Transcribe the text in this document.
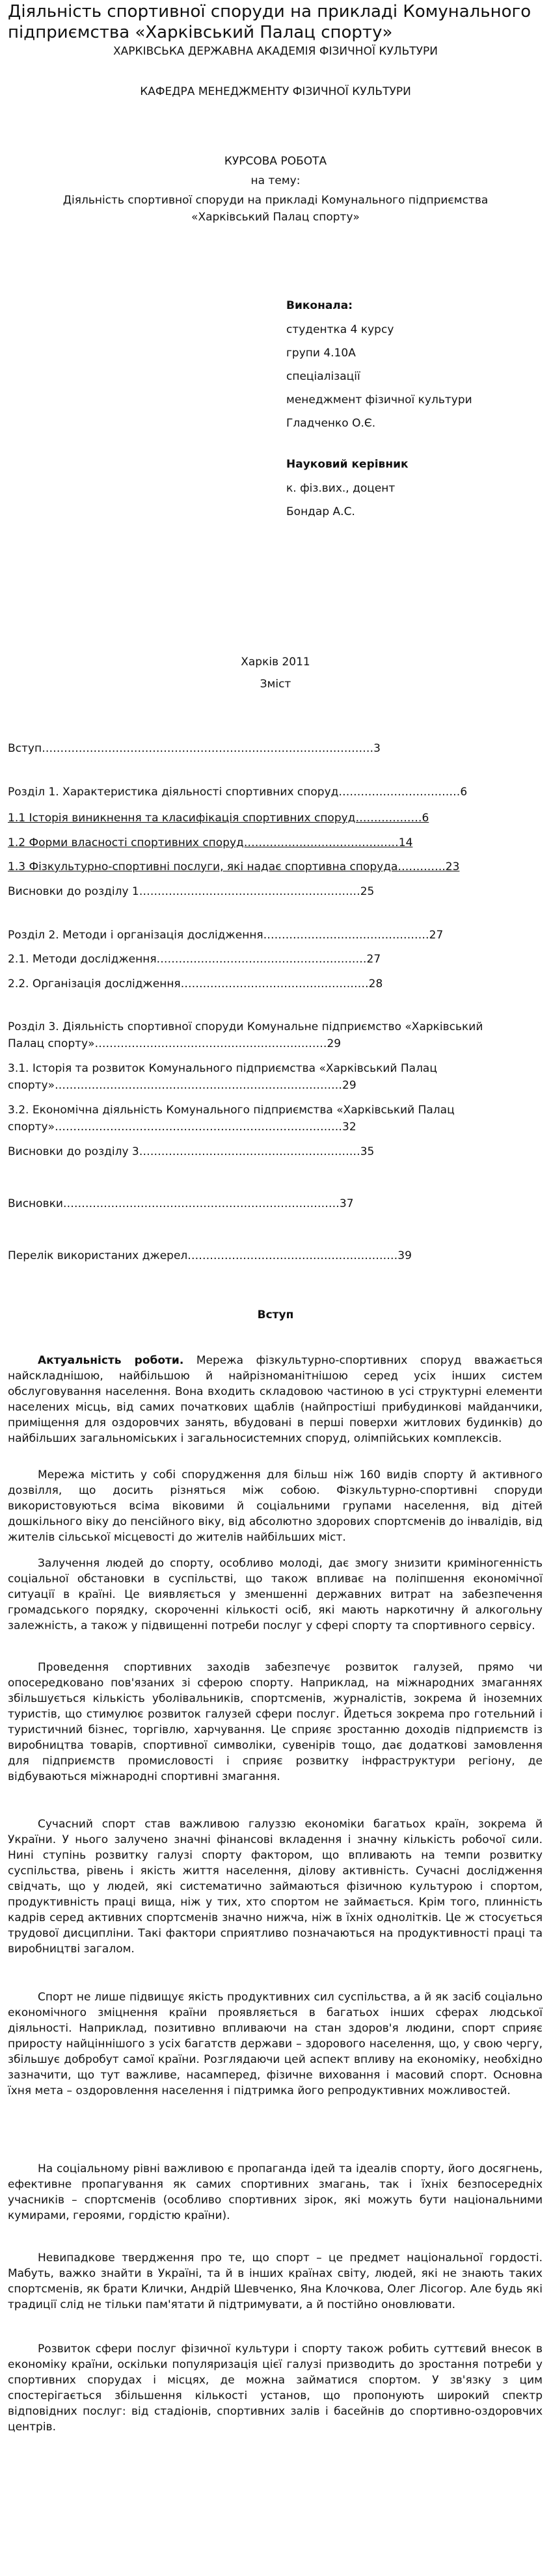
Діяльність спортивної споруди на прикладі Комунального підприємства «Харківський Палац спорту»
ХАРКІВСЬКА ДЕРЖАВНА АКАДЕМІЯ ФІЗИЧНОЇ КУЛЬТУРИ
КАФЕДРА МЕНЕДЖМЕНТУ ФІЗИЧНОЇ КУЛЬТУРИ
КУРСОВА РОБОТА
на тему:
Діяльність спортивної споруди на прикладі Комунального підприємства
«Харківський Палац спорту»
Виконала:
студентка 4 курсу
групи 4.10А
спеціалізації
менеджмент фізичної культури
Гладченко О.Є.
Науковий керівник
к. фіз.вих., доцент
Бондар А.С.
Харків 2011
Зміст
Вступ………………………………………………………………………………3
Розділ 1. Характеристика діяльності спортивних споруд……………………………6
1.1 Історія виникнення та класифікація спортивних споруд………………6
1.2 Форми власності спортивних споруд……………………………………14
1.3 Фізкультурно-спортивні послуги, які надає спортивна споруда………….23
Висновки до розділу 1……………………………………………………25
Розділ 2. Методи і організація дослідження………………………………………27
2.1. Методи дослідження…………………………………………………27
2.2. Організація дослідження……………………………………………28
Розділ 3. Діяльність спортивної споруди Комунальне підприємство «Харківський
Палац спорту»………………………………………………………29
3.1. Історія та розвиток Комунального підприємства «Харківський Палац
спорту»……………………………………………………………………29
3.2. Економічна діяльність Комунального підприємства «Харківський Палац
спорту»……………………………………………………………………32
Висновки до розділу 3……………………………………………………35
Висновки…………………………………………………………………37
Перелік використаних джерел…………………………………………………39
Вступ
Актуальність роботи. Мережа фізкультурно-спортивних споруд вважається найскладнішою, найбільшою й найрізноманітнішою серед усіх інших систем обслуговування населення. Вона входить складовою частиною в усі структурні елементи населених місць, від самих початкових щаблів (найпростіші прибудинкові майданчики, приміщення для оздоровчих занять, вбудовані в перші поверхи житлових будинків) до найбільших загальноміських і загальносистемних споруд, олімпійських комплексів.
Мережа містить у собі спорудження для більш ніж 160 видів спорту й активного дозвілля, що досить різняться між собою. Фізкультурно-спортивні споруди використовуються всіма віковими й соціальними групами населення, від дітей дошкільного віку до пенсійного віку, від абсолютно здорових спортсменів до інвалідів, від жителів сільської місцевості до жителів найбільших міст.
Залучення людей до спорту, особливо молоді, дає змогу знизити криміногенність соціальної обстановки в суспільстві, що також впливає на поліпшення економічної ситуації в країні. Це виявляється у зменшенні державних витрат на забезпечення громадського порядку, скороченні кількості осіб, які мають наркотичну й алкогольну залежність, а також у підвищенні потреби послуг у сфері спорту та спортивного сервісу.
Проведення спортивних заходів забезпечує розвиток галузей, прямо чи опосередковано пов'язаних зі сферою спорту. Наприклад, на міжнародних змаганнях збільшується кількість уболівальників, спортсменів, журналістів, зокрема й іноземних туристів, що стимулює розвиток галузей сфери послуг. Йдеться зокрема про готельний і туристичний бізнес, торгівлю, харчування. Це сприяє зростанню доходів підприємств із виробництва товарів, спортивної символіки, сувенірів тощо, дає додаткові замовлення для підприємств промисловості і сприяє розвитку інфраструктури регіону, де відбуваються міжнародні спортивні змагання.
Сучасний спорт став важливою галуззю економіки багатьох країн, зокрема й України. У нього залучено значні фінансові вкладення і значну кількість робочої сили. Нині ступінь розвитку галузі спорту фактором, що впливають на темпи розвитку суспільства, рівень і якість життя населення, ділову активність. Сучасні дослідження свідчать, що у людей, які систематично займаються фізичною культурою і спортом, продуктивність праці вища, ніж у тих, хто спортом не займається. Крім того, плинність кадрів серед активних спортсменів значно нижча, ніж в їхніх одноліткiв. Це ж стосується трудової дисципліни. Такі фактори сприятливо позначаються на продуктивності праці та виробництві загалом.
Спорт не лише підвищує якість продуктивних сил суспільства, а й як засіб соціально економічного змiцнення країни проявляється в багатьох інших сферах людської діяльності. Наприклад, позитивно впливаючи на стан здоров'я людини, спорт сприяє приросту найцiннiшого з усіх багатств держави – здорового населення, що, у свою чергу, збільшує добробут самої країни. Розглядаючи цей аспект впливу на економіку, необхідно зазначити, що тут важливе, насамперед, фізичне виховання і масовий спорт. Основна їхня мета – оздоровлення населення і підтримка його репродуктивних можливостей.
На соціальному рівні важливою є пропаганда ідей та ідеалів спорту, його досягнень, ефективне пропагування як самих спортивних змагань, так і їхніх безпосередніх учасників – спортсменів (особливо спортивних зірок, які можуть бути національними кумирами, героями, гордістю країни).
Невипадкове твердження про те, що спорт – це предмет національної гордості. Мабуть, важко знайти в Україні, та й в інших країнах світу, людей, які не знають таких спортсменів, як брати Клички, Андрій Шевченко, Яна Клочкова, Олег Лісогор. Але будь які традиції слід не тільки пам'ятати й підтримувати, а й постійно оновлювати.
Розвиток сфери послуг фізичної культури і спорту також робить суттєвий внесок в економіку країни, оскільки популяризація цієї галузі призводить до зростання потреби у спортивних спорудах і місцях, де можна займатися спортом. У зв'язку з цим спостерігається збільшення кількості установ, що пропонують широкий спектр відповідних послуг: від стадіонів, спортивних залів і басейнів до спортивно-оздоровчих центрів.
